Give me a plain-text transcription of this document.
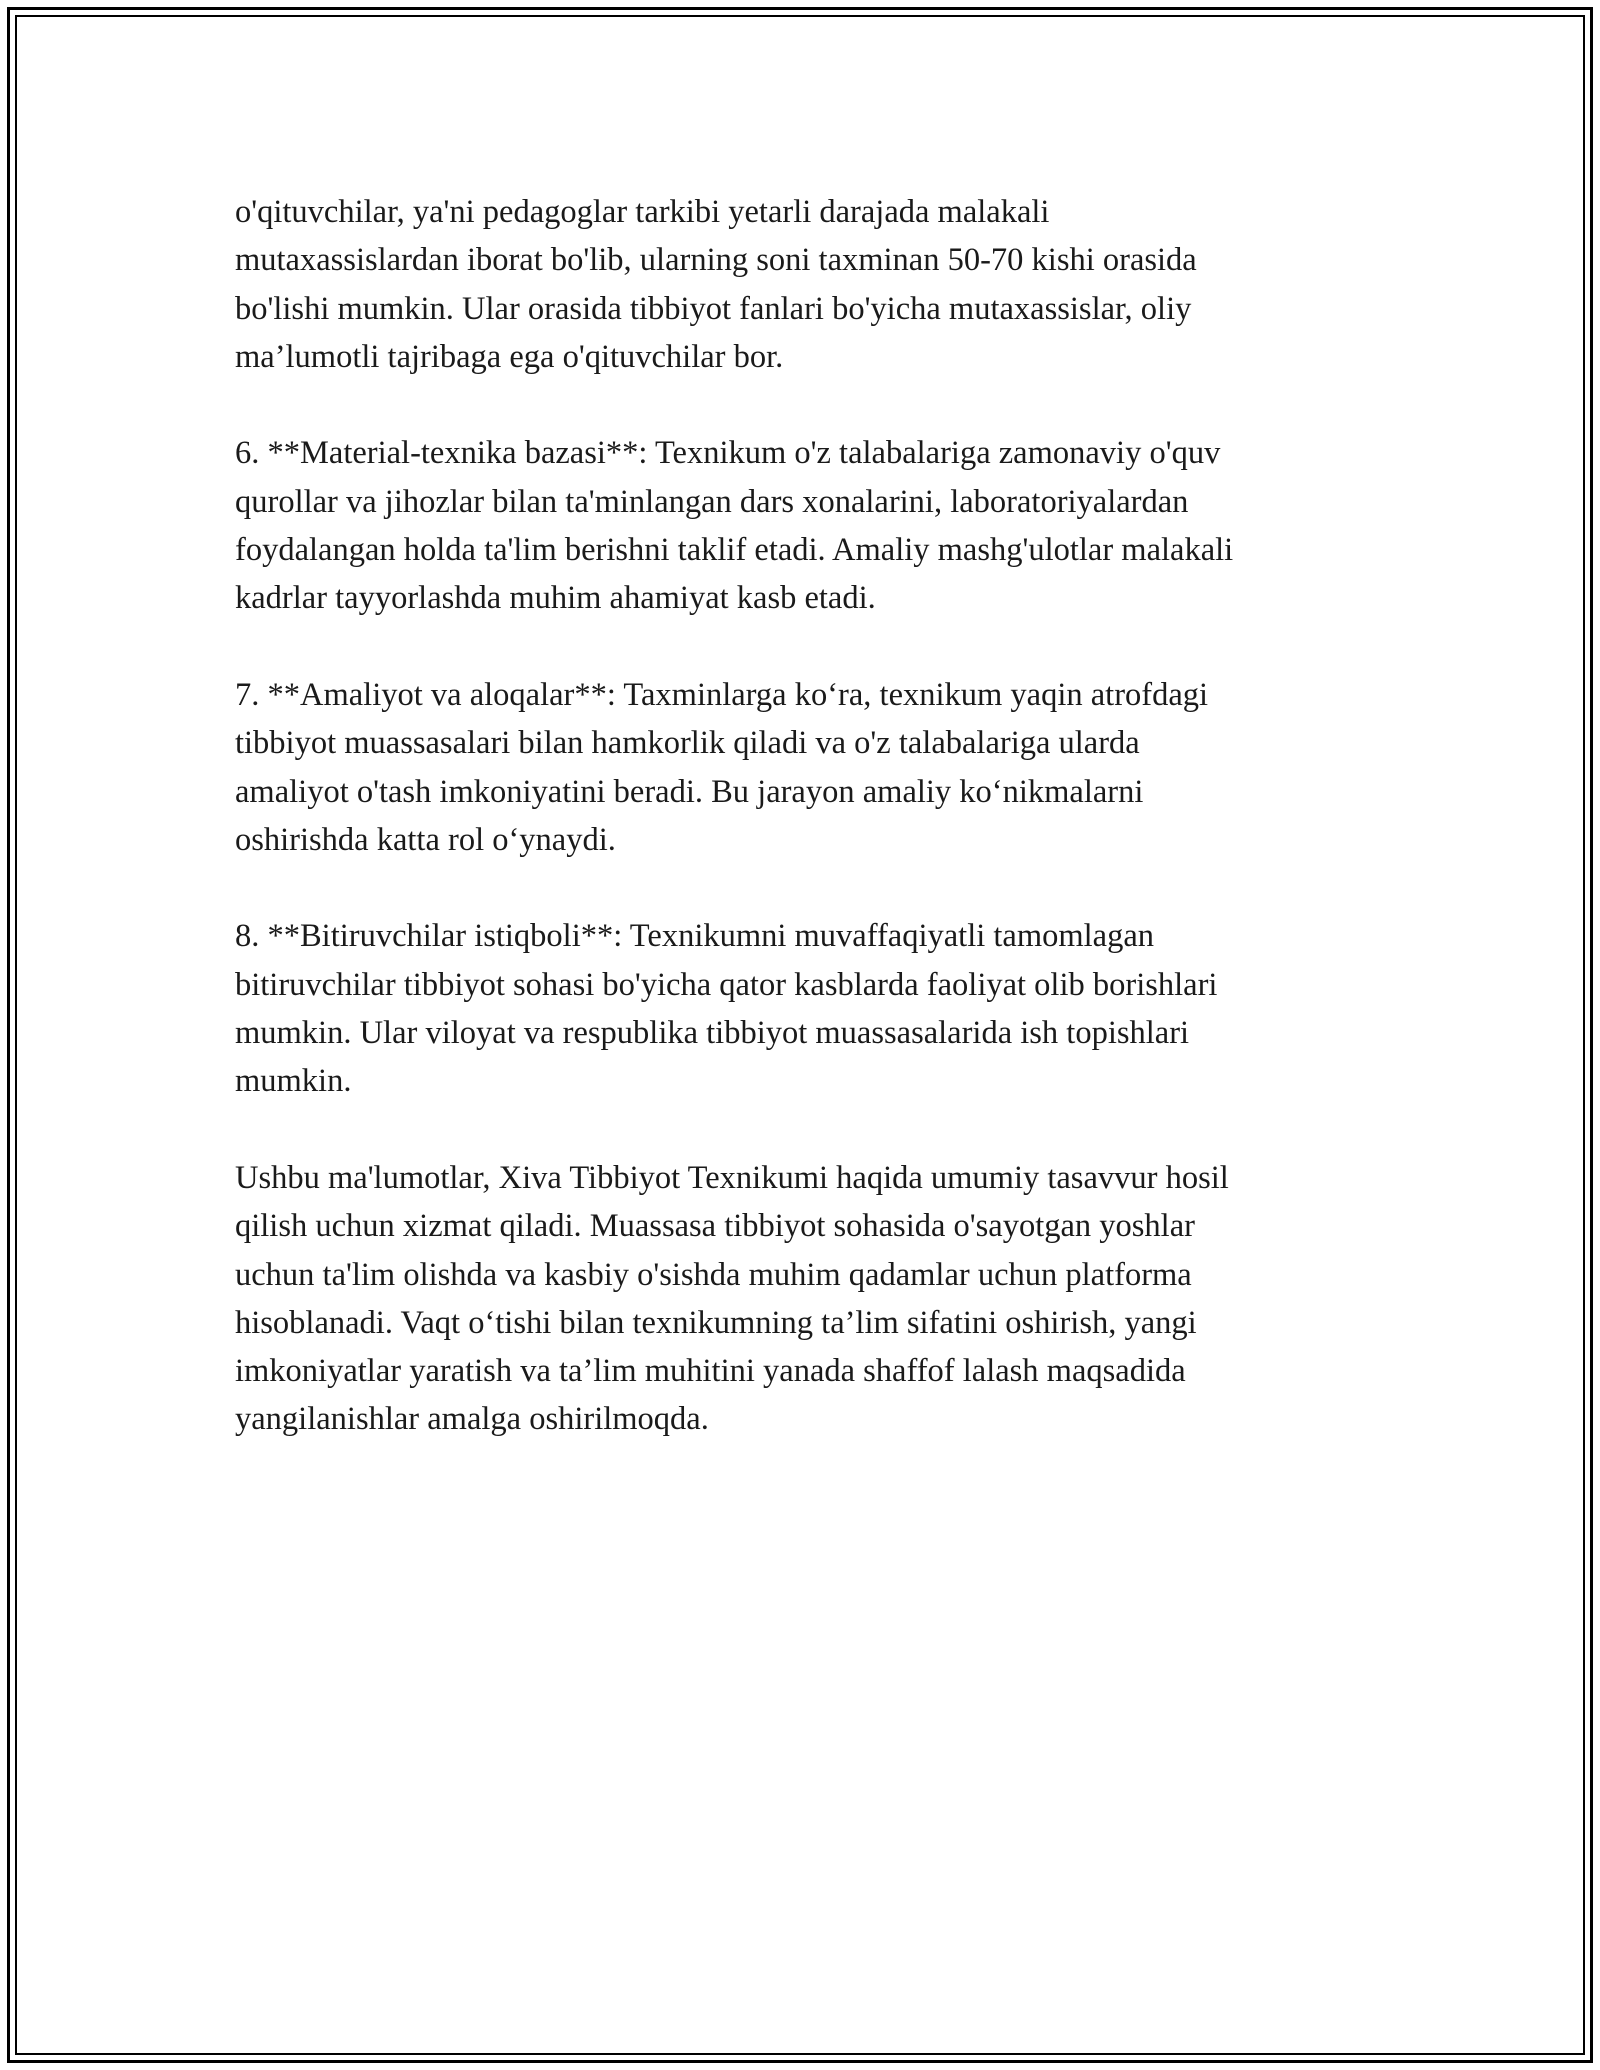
o'qituvchilar, ya'ni pedagoglar tarkibi yetarli darajada malakali
mutaxassislardan iborat bo'lib, ularning soni taxminan 50-70 kishi orasida
bo'lishi mumkin. Ular orasida tibbiyot fanlari bo'yicha mutaxassislar, oliy
ma’lumotli tajribaga ega o'qituvchilar bor.
6. **Material-texnika bazasi**: Texnikum o'z talabalariga zamonaviy o'quv
qurollar va jihozlar bilan ta'minlangan dars xonalarini, laboratoriyalardan
foydalangan holda ta'lim berishni taklif etadi. Amaliy mashg'ulotlar malakali
kadrlar tayyorlashda muhim ahamiyat kasb etadi.
7. **Amaliyot va aloqalar**: Taxminlarga ko‘ra, texnikum yaqin atrofdagi
tibbiyot muassasalari bilan hamkorlik qiladi va o'z talabalariga ularda
amaliyot o'tash imkoniyatini beradi. Bu jarayon amaliy ko‘nikmalarni
oshirishda katta rol o‘ynaydi.
8. **Bitiruvchilar istiqboli**: Texnikumni muvaffaqiyatli tamomlagan
bitiruvchilar tibbiyot sohasi bo'yicha qator kasblarda faoliyat olib borishlari
mumkin. Ular viloyat va respublika tibbiyot muassasalarida ish topishlari
mumkin.
Ushbu ma'lumotlar, Xiva Tibbiyot Texnikumi haqida umumiy tasavvur hosil
qilish uchun xizmat qiladi. Muassasa tibbiyot sohasida o'sayotgan yoshlar
uchun ta'lim olishda va kasbiy o'sishda muhim qadamlar uchun platforma
hisoblanadi. Vaqt o‘tishi bilan texnikumning ta’lim sifatini oshirish, yangi
imkoniyatlar yaratish va ta’lim muhitini yanada shaffof lalash maqsadida
yangilanishlar amalga oshirilmoqda.
